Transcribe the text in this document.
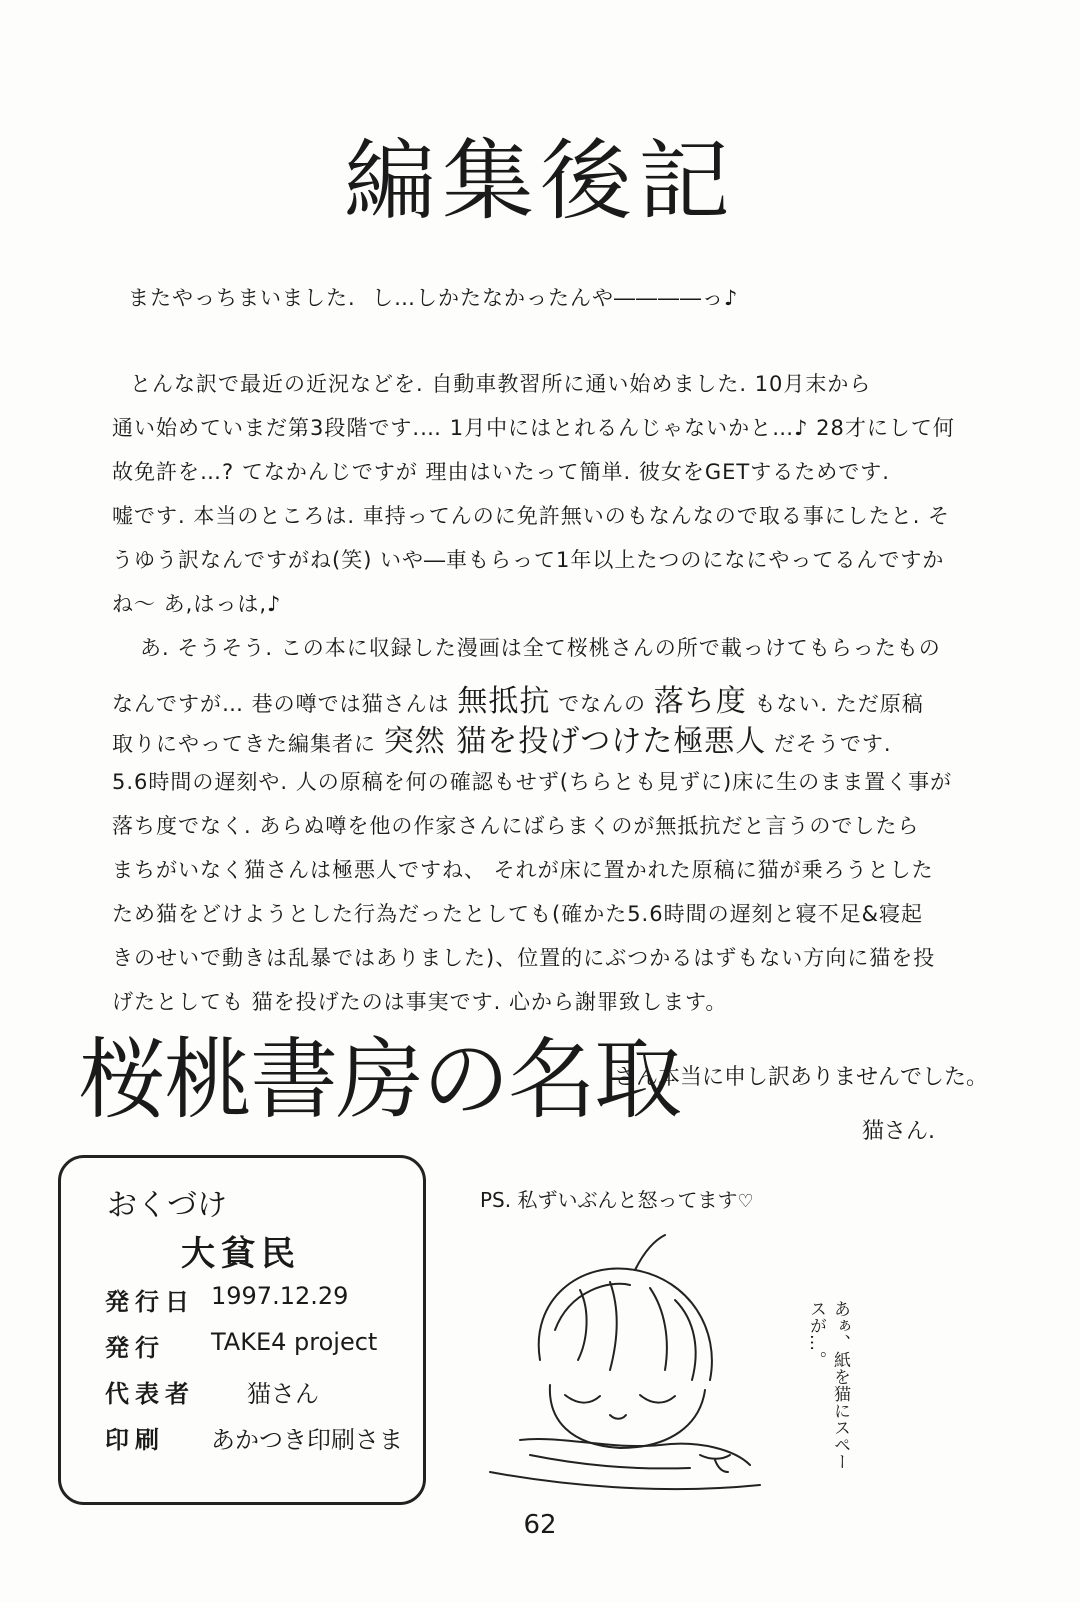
編集後記
またやっちまいました. し…しかたなかったんや――――っ♪
とんな訳で最近の近況などを. 自動車教習所に通い始めました. 10月末から
通い始めていまだ第3段階です.… 1月中にはとれるんじゃないかと…♪ 28才にして何
故免許を…? てなかんじですが 理由はいたって簡単. 彼女をGETするためです.
嘘です. 本当のところは. 車持ってんのに免許無いのもなんなので取る事にしたと. そ
うゆう訳なんですがね(笑) いや―車もらって1年以上たつのになにやってるんですか
ね～ あ,はっは,♪
あ. そうそう. この本に収録した漫画は全て桜桃さんの所で載っけてもらったもの
なんですが… 巷の噂では猫さんは 無抵抗 でなんの 落ち度 もない. ただ原稿
取りにやってきた編集者に 突然 猫を投げつけた極悪人 だそうです.
5.6時間の遅刻や. 人の原稿を何の確認もせず(ちらとも見ずに)床に生のまま置く事が
落ち度でなく. あらぬ噂を他の作家さんにばらまくのが無抵抗だと言うのでしたら
まちがいなく猫さんは極悪人ですね、 それが床に置かれた原稿に猫が乗ろうとした
ため猫をどけようとした行為だったとしても(確かた5.6時間の遅刻と寝不足&寝起
きのせいで動きは乱暴ではありました)、位置的にぶつかるはずもない方向に猫を投
げたとしても 猫を投げたのは事実です. 心から謝罪致します。
桜桃書房の名取
さん本当に申し訳ありませんでした。
猫さん.
おくづけ
大貧民
発行日 1997.12.29
発行 TAKE4 project
代表者 猫さん
印刷 あかつき印刷さま
PS. 私ずいぶんと怒ってます♡
あぁ、紙を猫にスペースが…。
62
